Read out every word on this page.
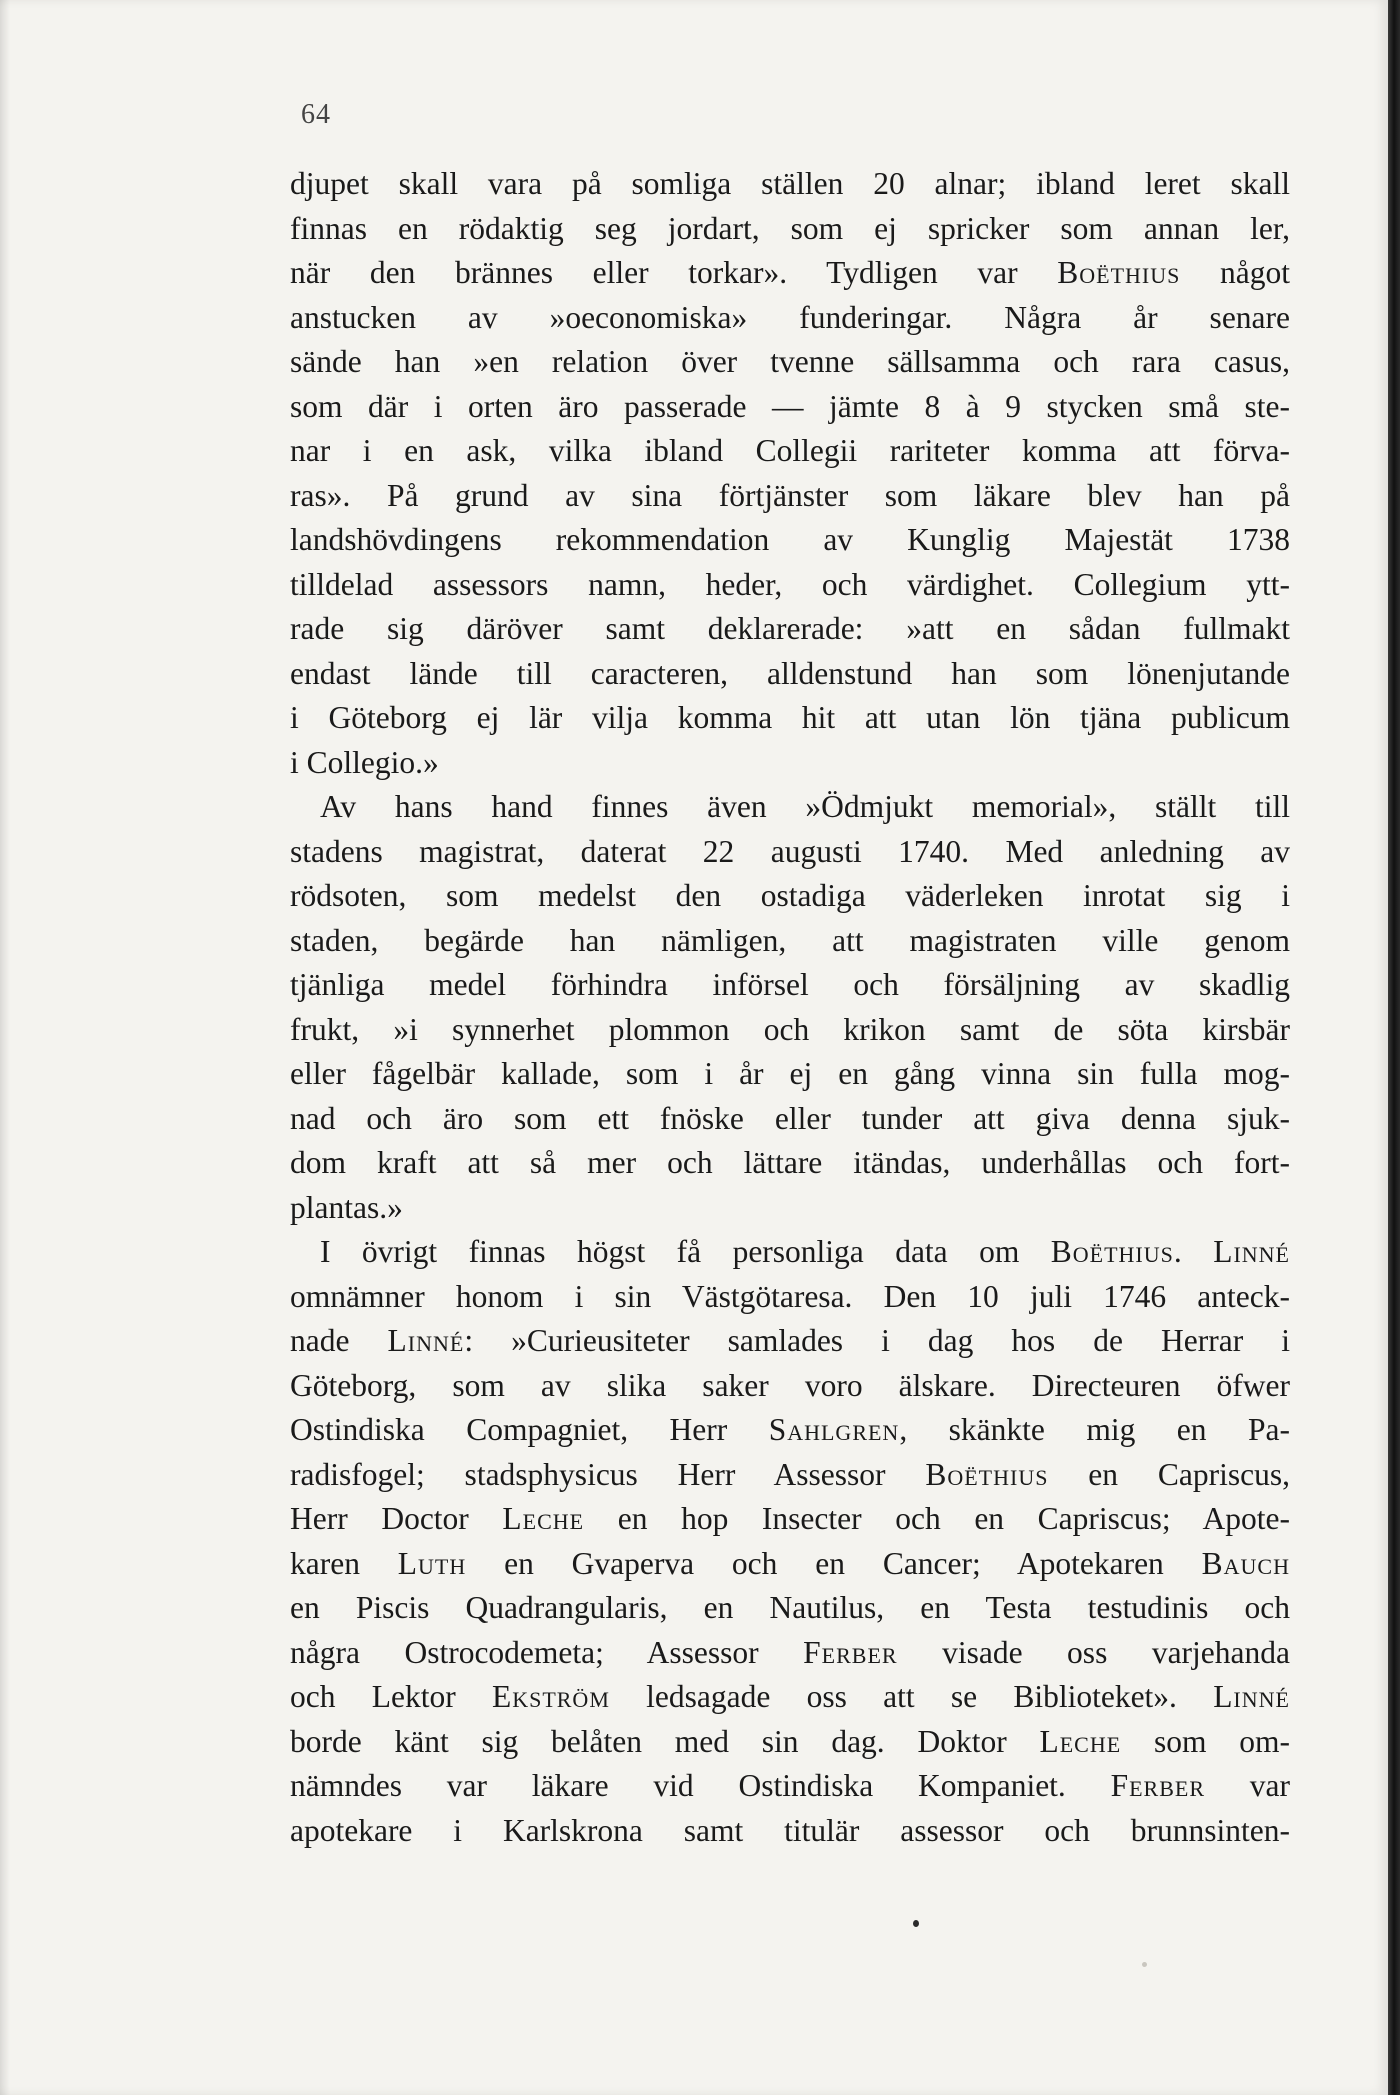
64
djupet skall vara på somliga ställen 20 alnar; ibland leret skall
finnas en rödaktig seg jordart, som ej spricker som annan ler,
när den brännes eller torkar». Tydligen var Boëthius något
anstucken av »oeconomiska» funderingar. Några år senare
sände han »en relation över tvenne sällsamma och rara casus,
som där i orten äro passerade — jämte 8 à 9 stycken små ste-
nar i en ask, vilka ibland Collegii rariteter komma att förva-
ras». På grund av sina förtjänster som läkare blev han på
landshövdingens rekommendation av Kunglig Majestät 1738
tilldelad assessors namn, heder, och värdighet. Collegium ytt-
rade sig däröver samt deklarerade: »att en sådan fullmakt
endast lände till caracteren, alldenstund han som lönenjutande
i Göteborg ej lär vilja komma hit att utan lön tjäna publicum
i Collegio.»
Av hans hand finnes även »Ödmjukt memorial», ställt till
stadens magistrat, daterat 22 augusti 1740. Med anledning av
rödsoten, som medelst den ostadiga väderleken inrotat sig i
staden, begärde han nämligen, att magistraten ville genom
tjänliga medel förhindra införsel och försäljning av skadlig
frukt, »i synnerhet plommon och krikon samt de söta kirsbär
eller fågelbär kallade, som i år ej en gång vinna sin fulla mog-
nad och äro som ett fnöske eller tunder att giva denna sjuk-
dom kraft att så mer och lättare itändas, underhållas och fort-
plantas.»
I övrigt finnas högst få personliga data om Boëthius. Linné
omnämner honom i sin Västgötaresa. Den 10 juli 1746 anteck-
nade Linné: »Curieusiteter samlades i dag hos de Herrar i
Göteborg, som av slika saker voro älskare. Directeuren öfwer
Ostindiska Compagniet, Herr Sahlgren, skänkte mig en Pa-
radisfogel; stadsphysicus Herr Assessor Boëthius en Capriscus,
Herr Doctor Leche en hop Insecter och en Capriscus; Apote-
karen Luth en Gvaperva och en Cancer; Apotekaren Bauch
en Piscis Quadrangularis, en Nautilus, en Testa testudinis och
några Ostrocodemeta; Assessor Ferber visade oss varjehanda
och Lektor Ekström ledsagade oss att se Biblioteket». Linné
borde känt sig belåten med sin dag. Doktor Leche som om-
nämndes var läkare vid Ostindiska Kompaniet. Ferber var
apotekare i Karlskrona samt titulär assessor och brunnsinten-
